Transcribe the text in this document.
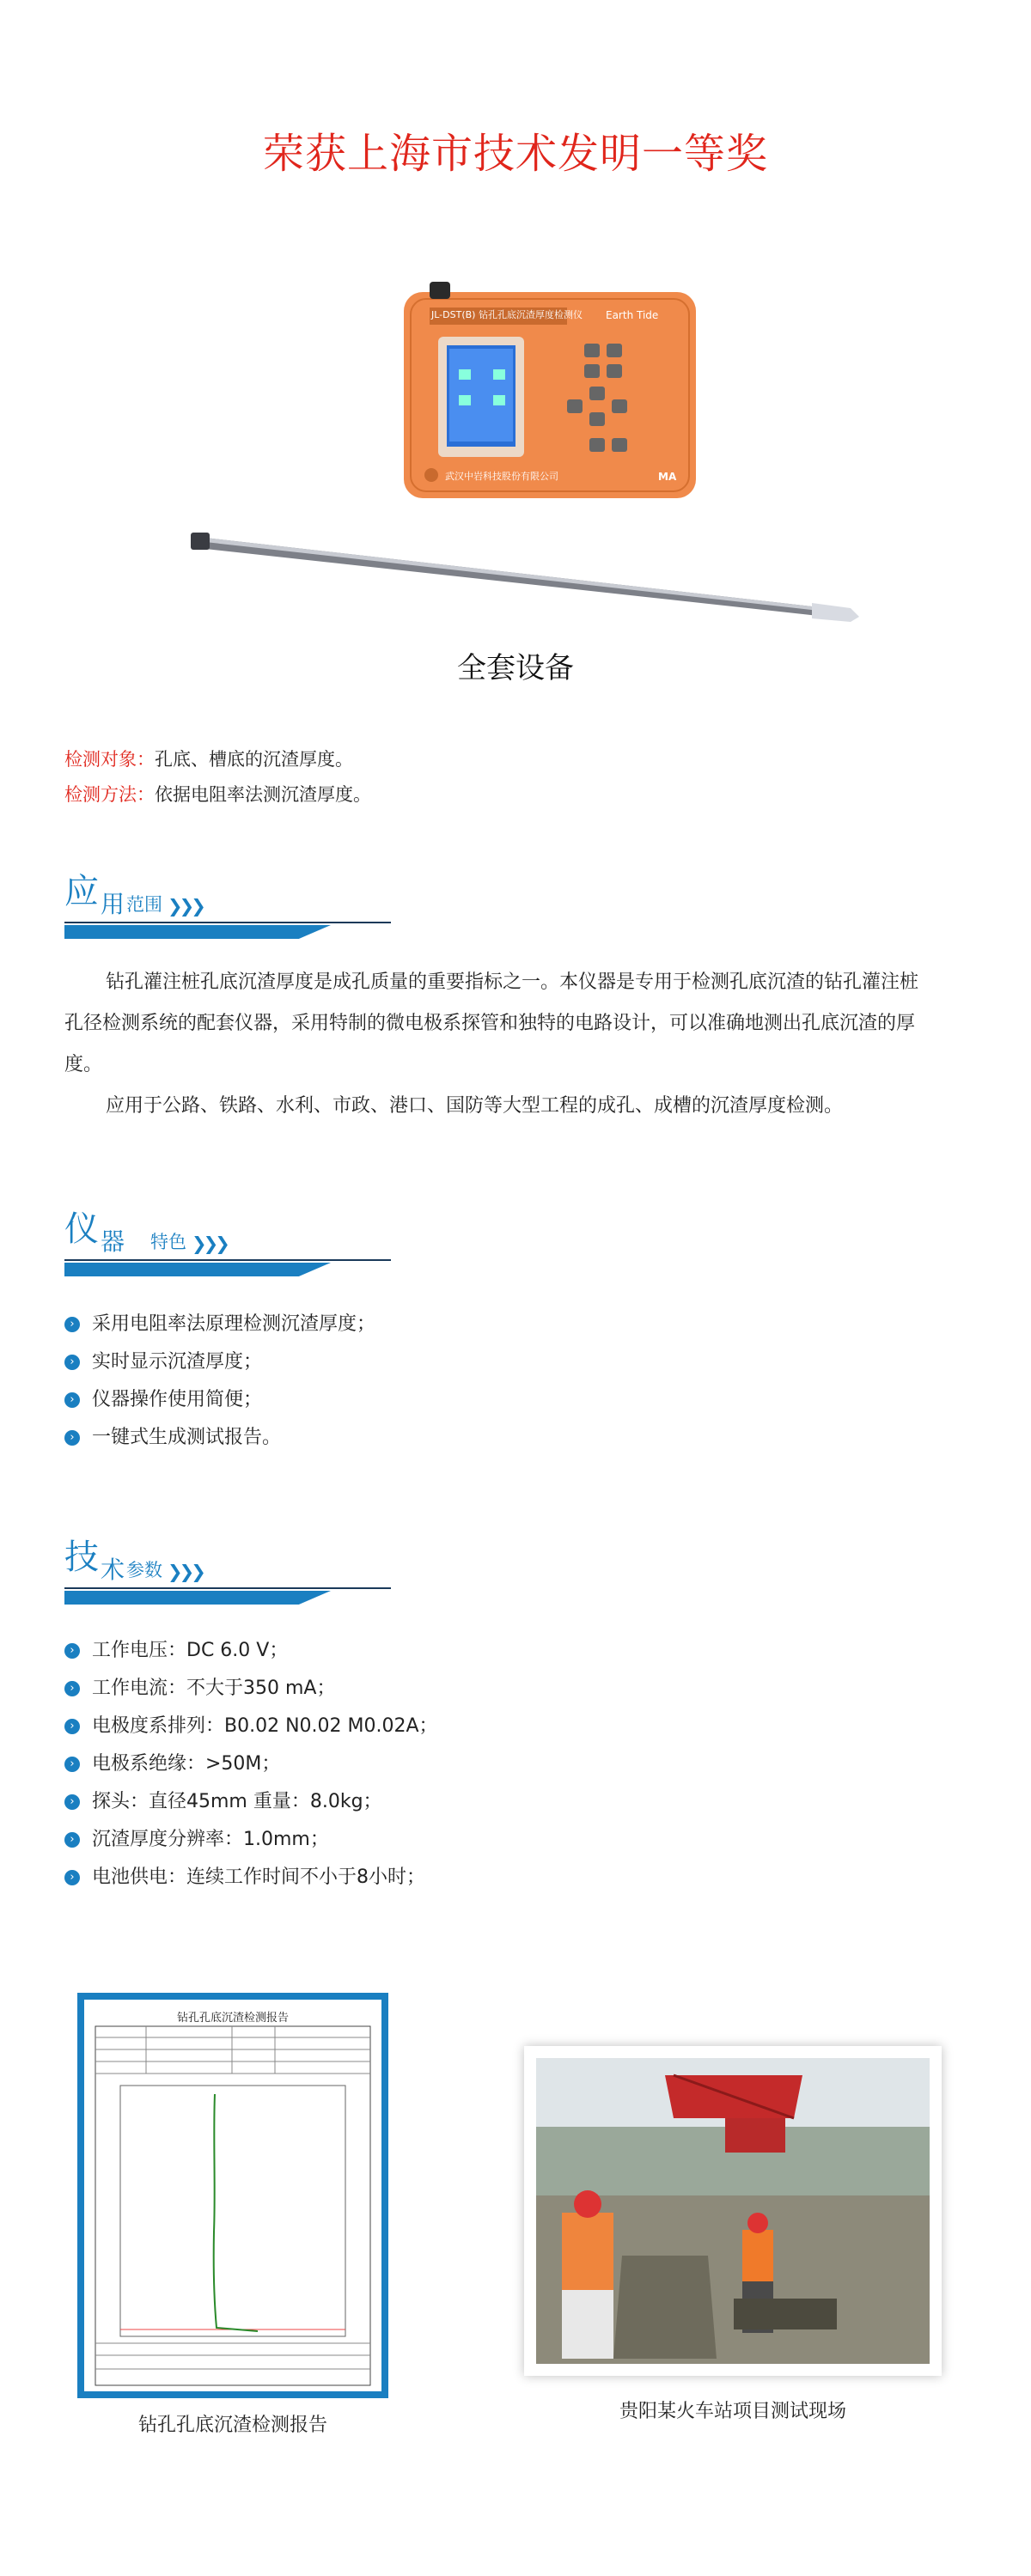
荣获上海市技术发明一等奖
JL-DST(B) 钻孔孔底沉渣厚度检测仪 Earth Tide
武汉中岩科技股份有限公司	MA
全套设备
检测对象：孔底、槽底的沉渣厚度。
检测方法：依据电阻率法测沉渣厚度。
应 用 范围 ❯❯❯
钻孔灌注桩孔底沉渣厚度是成孔质量的重要指标之一。本仪器是专用于检测孔底沉渣的钻孔灌注桩孔径检测系统的配套仪器，采用特制的微电极系探管和独特的电路设计，可以准确地测出孔底沉渣的厚度。
应用于公路、铁路、水利、市政、港口、国防等大型工程的成孔、成槽的沉渣厚度检测。
仪 器 特色 ❯❯❯
› 采用电阻率法原理检测沉渣厚度；
› 实时显示沉渣厚度；
› 仪器操作使用简便；
› 一键式生成测试报告。
技 术 参数 ❯❯❯
› 工作电压：DC 6.0 V；
› 工作电流：不大于350 mA；
› 电极度系排列：B0.02 N0.02 M0.02A；
› 电极系绝缘：>50M；
› 探头：直径45mm 重量：8.0kg；
› 沉渣厚度分辨率：1.0mm；
› 电池供电：连续工作时间不小于8小时；
钻孔孔底沉渣检测报告
钻孔孔底沉渣检测报告
贵阳某火车站项目测试现场
